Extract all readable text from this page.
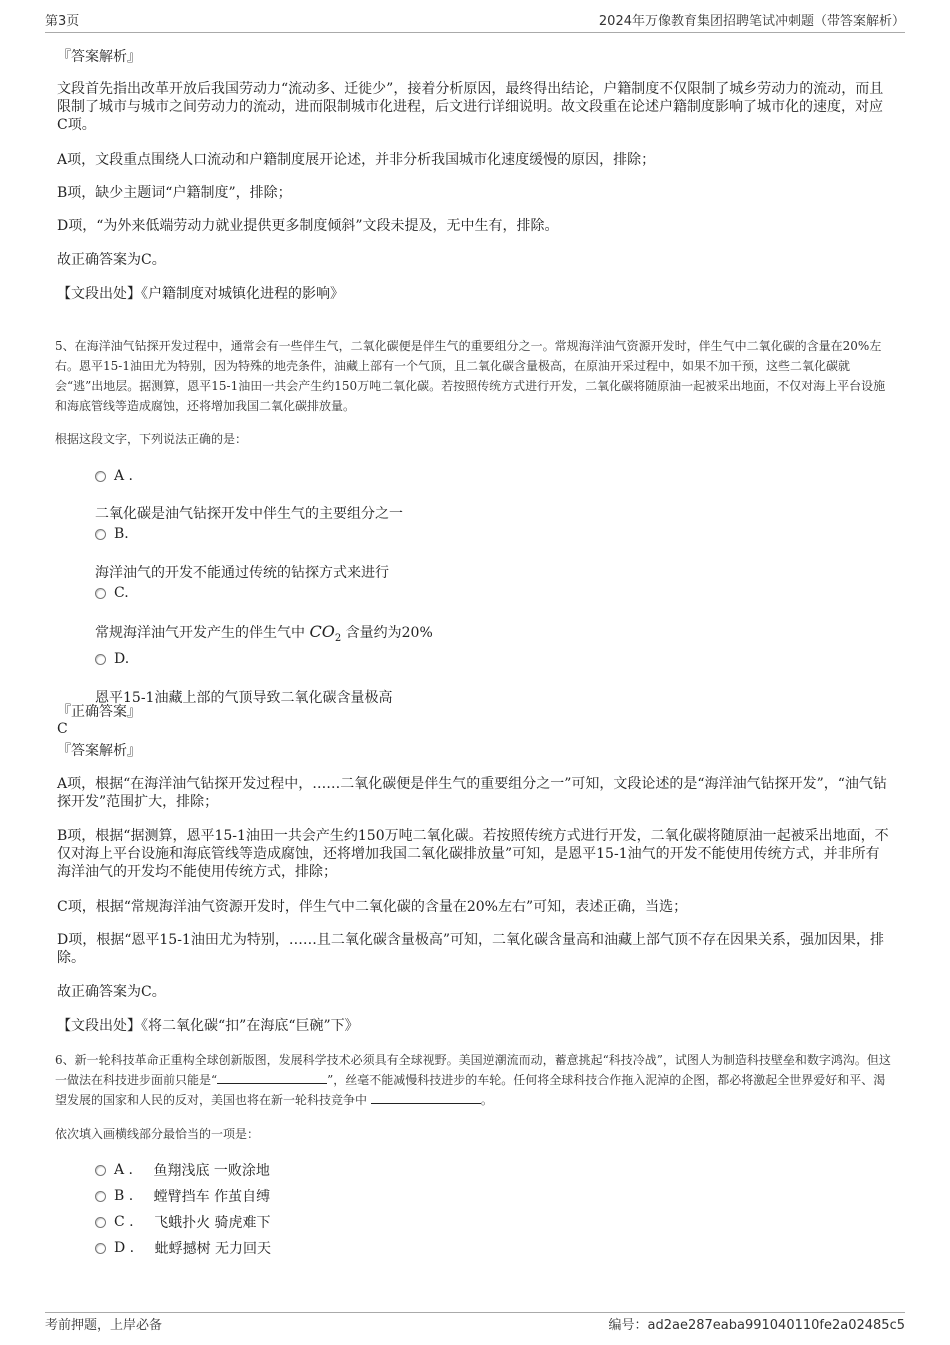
第3页	2024年万像教育集团招聘笔试冲刺题（带答案解析）
『答案解析』
文段首先指出改革开放后我国劳动力“流动多、迁徙少”，接着分析原因，最终得出结论，户籍制度不仅限制了城乡劳动力的流动，而且限制了城市与城市之间劳动力的流动，进而限制城市化进程，后文进行详细说明。故文段重在论述户籍制度影响了城市化的速度，对应C项。
A项，文段重点围绕人口流动和户籍制度展开论述，并非分析我国城市化速度缓慢的原因，排除；
B项，缺少主题词“户籍制度”，排除；
D项，“为外来低端劳动力就业提供更多制度倾斜”文段未提及，无中生有，排除。
故正确答案为C。
【文段出处】《户籍制度对城镇化进程的影响》
5、在海洋油气钻探开发过程中，通常会有一些伴生气，二氧化碳便是伴生气的重要组分之一。常规海洋油气资源开发时，伴生气中二氧化碳的含量在20%左右。恩平15-1油田尤为特别，因为特殊的地壳条件，油藏上部有一个气顶，且二氧化碳含量极高，在原油开采过程中，如果不加干预，这些二氧化碳就会“逃”出地层。据测算，恩平15-1油田一共会产生约150万吨二氧化碳。若按照传统方式进行开发，二氧化碳将随原油一起被采出地面，不仅对海上平台设施和海底管线等造成腐蚀，还将增加我国二氧化碳排放量。
根据这段文字，下列说法正确的是：
A .
二氧化碳是油气钻探开发中伴生气的主要组分之一
B.
海洋油气的开发不能通过传统的钻探方式来进行
C.
常规海洋油气开发产生的伴生气中 $CO_2$ 含量约为20%
D.
恩平15-1油藏上部的气顶导致二氧化碳含量极高
『正确答案』
C
『答案解析』
A项，根据“在海洋油气钻探开发过程中，……二氧化碳便是伴生气的重要组分之一”可知，文段论述的是“海洋油气钻探开发”，“油气钻探开发”范围扩大，排除；
B项，根据“据测算，恩平15-1油田一共会产生约150万吨二氧化碳。若按照传统方式进行开发，二氧化碳将随原油一起被采出地面，不仅对海上平台设施和海底管线等造成腐蚀，还将增加我国二氧化碳排放量”可知，是恩平15-1油气的开发不能使用传统方式，并非所有海洋油气的开发均不能使用传统方式，排除；
C项，根据“常规海洋油气资源开发时，伴生气中二氧化碳的含量在20%左右”可知，表述正确，当选；
D项，根据“恩平15-1油田尤为特别，……且二氧化碳含量极高”可知，二氧化碳含量高和油藏上部气顶不存在因果关系，强加因果，排除。
故正确答案为C。
【文段出处】《将二氧化碳“扣”在海底“巨碗”下》
6、新一轮科技革命正重构全球创新版图，发展科学技术必须具有全球视野。美国逆潮流而动，蓄意挑起“科技冷战”，试图人为制造科技壁垒和数字鸿沟。但这一做法在科技进步面前只能是“	”，丝毫不能减慢科技进步的车轮。任何将全球科技合作拖入泥淖的企图，都必将激起全世界爱好和平、渴望发展的国家和人民的反对，美国也将在新一轮科技竞争中	。
依次填入画横线部分最恰当的一项是：
A .
鱼翔浅底 一败涂地
B .
螳臂挡车 作茧自缚
C .
飞蛾扑火 骑虎难下
D .
蚍蜉撼树 无力回天
考前押题，上岸必备	编号：ad2ae287eaba991040110fe2a02485c5
